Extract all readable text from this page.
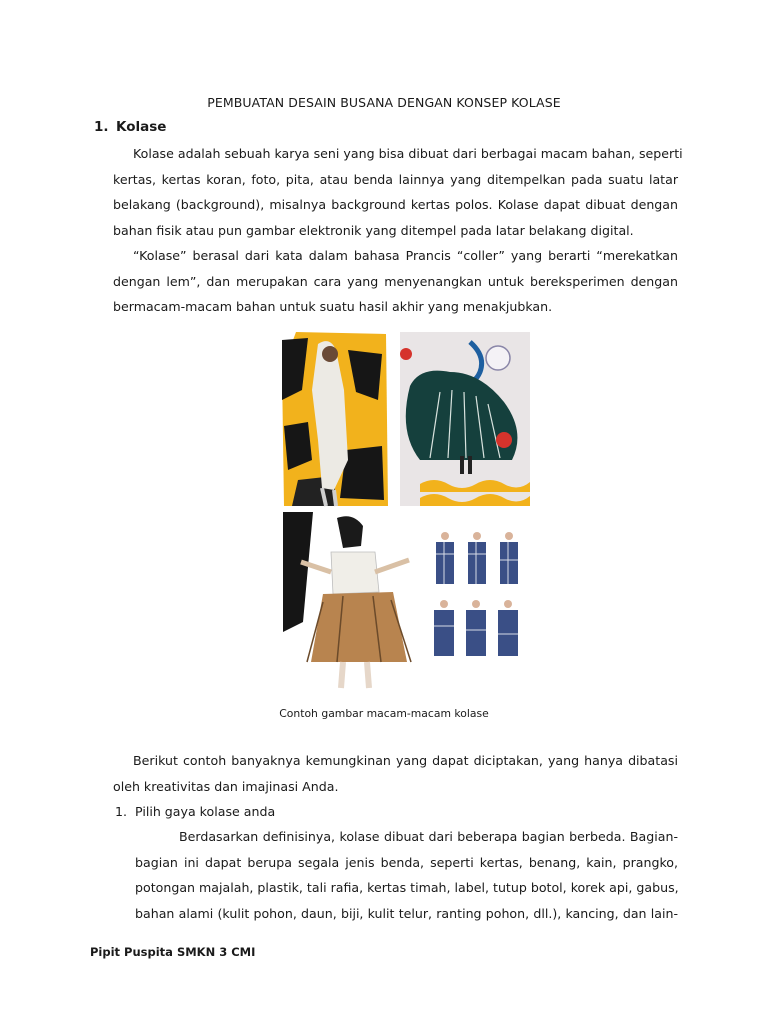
PEMBUATAN DESAIN BUSANA DENGAN KONSEP KOLASE
1. Kolase
Kolase adalah sebuah karya seni yang bisa dibuat dari berbagai macam bahan, seperti
kertas, kertas koran, foto, pita, atau benda lainnya yang ditempelkan pada suatu latar
belakang (background), misalnya background kertas polos. Kolase dapat dibuat dengan
bahan fisik atau pun gambar elektronik yang ditempel pada latar belakang digital.
“Kolase” berasal dari kata dalam bahasa Prancis “coller” yang berarti “merekatkan
dengan lem”, dan merupakan cara yang menyenangkan untuk bereksperimen dengan
bermacam-macam bahan untuk suatu hasil akhir yang menakjubkan.
Contoh gambar macam-macam kolase
Berikut contoh banyaknya kemungkinan yang dapat diciptakan, yang hanya dibatasi
oleh kreativitas dan imajinasi Anda.
1. Pilih gaya kolase anda
Berdasarkan definisinya, kolase dibuat dari beberapa bagian berbeda. Bagian-
bagian ini dapat berupa segala jenis benda, seperti kertas, benang, kain, prangko,
potongan majalah, plastik, tali rafia, kertas timah, label, tutup botol, korek api, gabus,
bahan alami (kulit pohon, daun, biji, kulit telur, ranting pohon, dll.), kancing, dan lain-
Pipit Puspita SMKN 3 CMI
